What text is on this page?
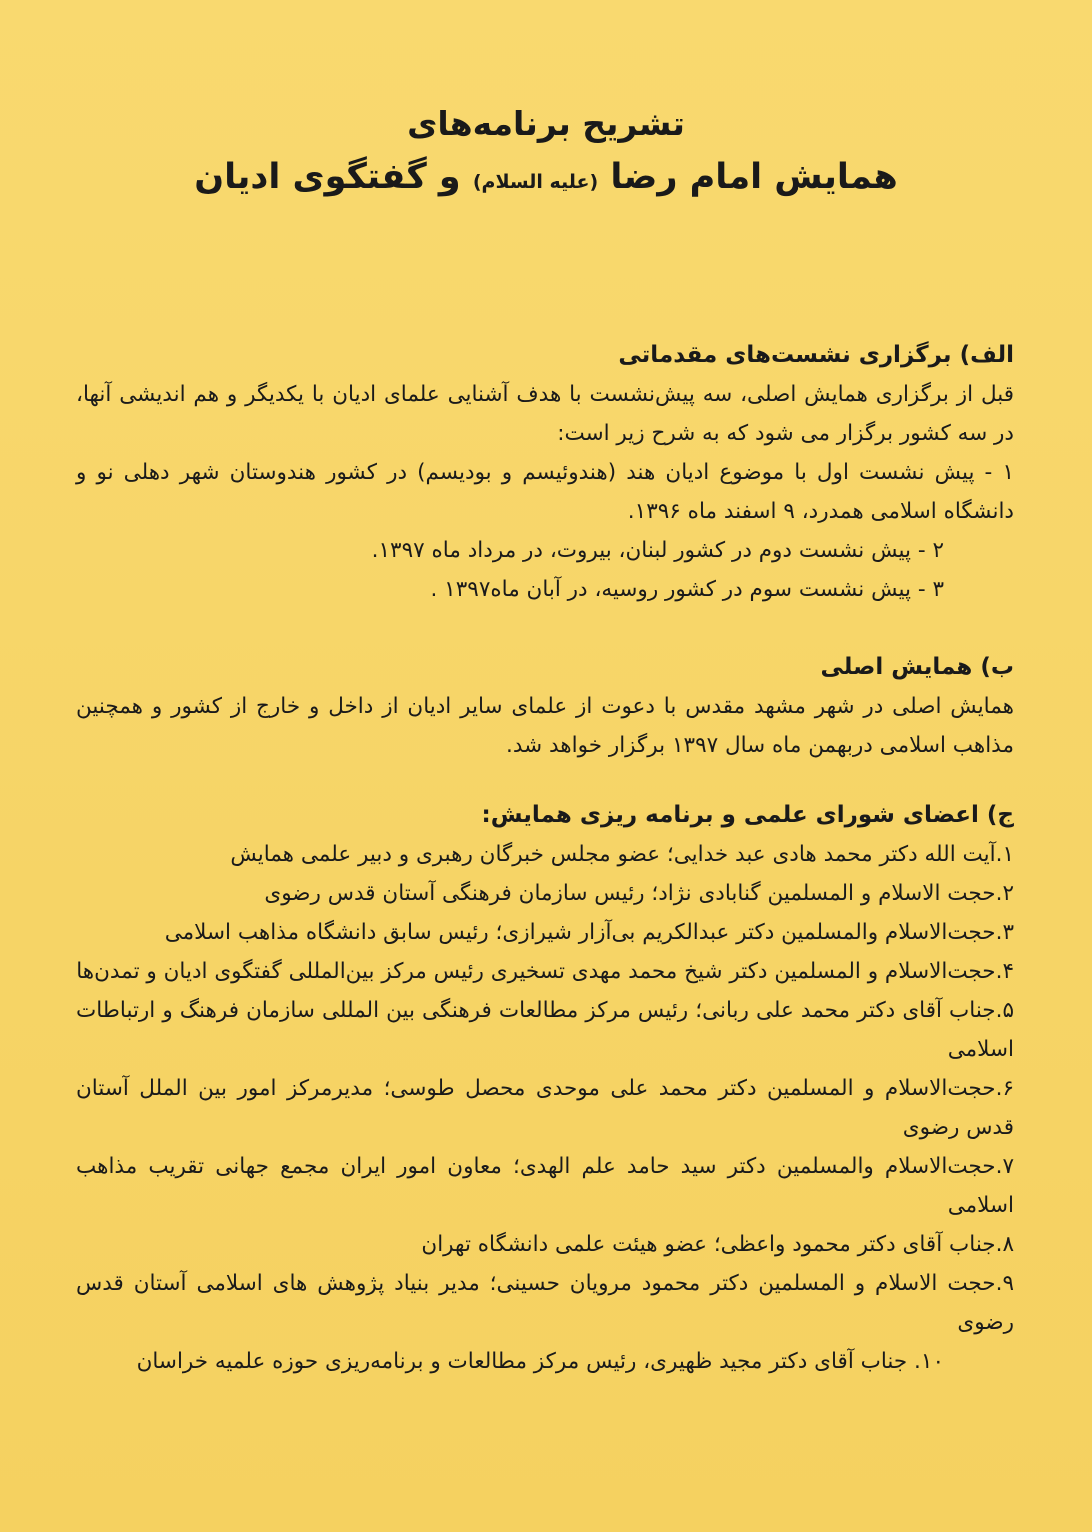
تشریح برنامه‌های
همایش امام رضا (علیه السلام) و گفتگوی ادیان
الف) برگزاری نشست‌های مقدماتی

قبل از برگزاری همایش اصلی، سه پیش‌نشست با هدف آشنایی علمای ادیان با یکدیگر و هم اندیشی آنها، در سه کشور برگزار می شود که به شرح زیر است:

۱ - پیش نشست اول با موضوع ادیان هند (هندوئیسم و بودیسم) در کشور هندوستان شهر دهلی نو و دانشگاه اسلامی همدرد، ۹ اسفند ماه ۱۳۹۶.

۲ - پیش نشست دوم در کشور لبنان، بیروت، در مرداد ماه ۱۳۹۷.

۳ - پیش نشست سوم در کشور روسیه، در آبان ماه۱۳۹۷ .

ب) همایش اصلی

همایش اصلی در شهر مشهد مقدس با دعوت از علمای سایر ادیان از داخل و خارج از کشور و همچنین مذاهب اسلامی دربهمن ماه سال ۱۳۹۷ برگزار خواهد شد.

ج) اعضای شورای علمی و برنامه ریزی همایش:

۱.آیت الله دکتر محمد هادی عبد خدایی؛ عضو مجلس خبرگان رهبری و دبیر علمی همایش

۲.حجت الاسلام و المسلمین گنابادی نژاد؛ رئیس سازمان فرهنگی آستان قدس رضوی

۳.حجت‌الاسلام والمسلمین دکتر عبدالکریم بی‌آزار شیرازی؛ رئیس سابق دانشگاه مذاهب اسلامی

۴.حجت‌الاسلام و المسلمین دکتر شیخ محمد مهدی تسخیری رئیس مرکز بین‌المللی گفتگوی ادیان و تمدن‌ها

۵.جناب آقای دکتر محمد علی ربانی؛ رئیس مرکز مطالعات فرهنگی بین المللی سازمان فرهنگ و ارتباطات اسلامی

۶.حجت‌الاسلام و المسلمین دکتر محمد علی موحدی محصل طوسی؛ مدیرمرکز امور بین الملل آستان قدس رضوی

۷.حجت‌الاسلام والمسلمین دکتر سید حامد علم الهدی؛ معاون امور ایران مجمع جهانی تقریب مذاهب اسلامی

۸.جناب آقای دکتر محمود واعظی؛ عضو هیئت علمی دانشگاه تهران

۹.حجت الاسلام و المسلمین دکتر محمود مرویان حسینی؛ مدیر بنیاد پژوهش های اسلامی آستان قدس رضوی

۱۰. جناب آقای دکتر مجید ظهیری، رئیس مرکز مطالعات و برنامه‌ریزی حوزه علمیه خراسان
